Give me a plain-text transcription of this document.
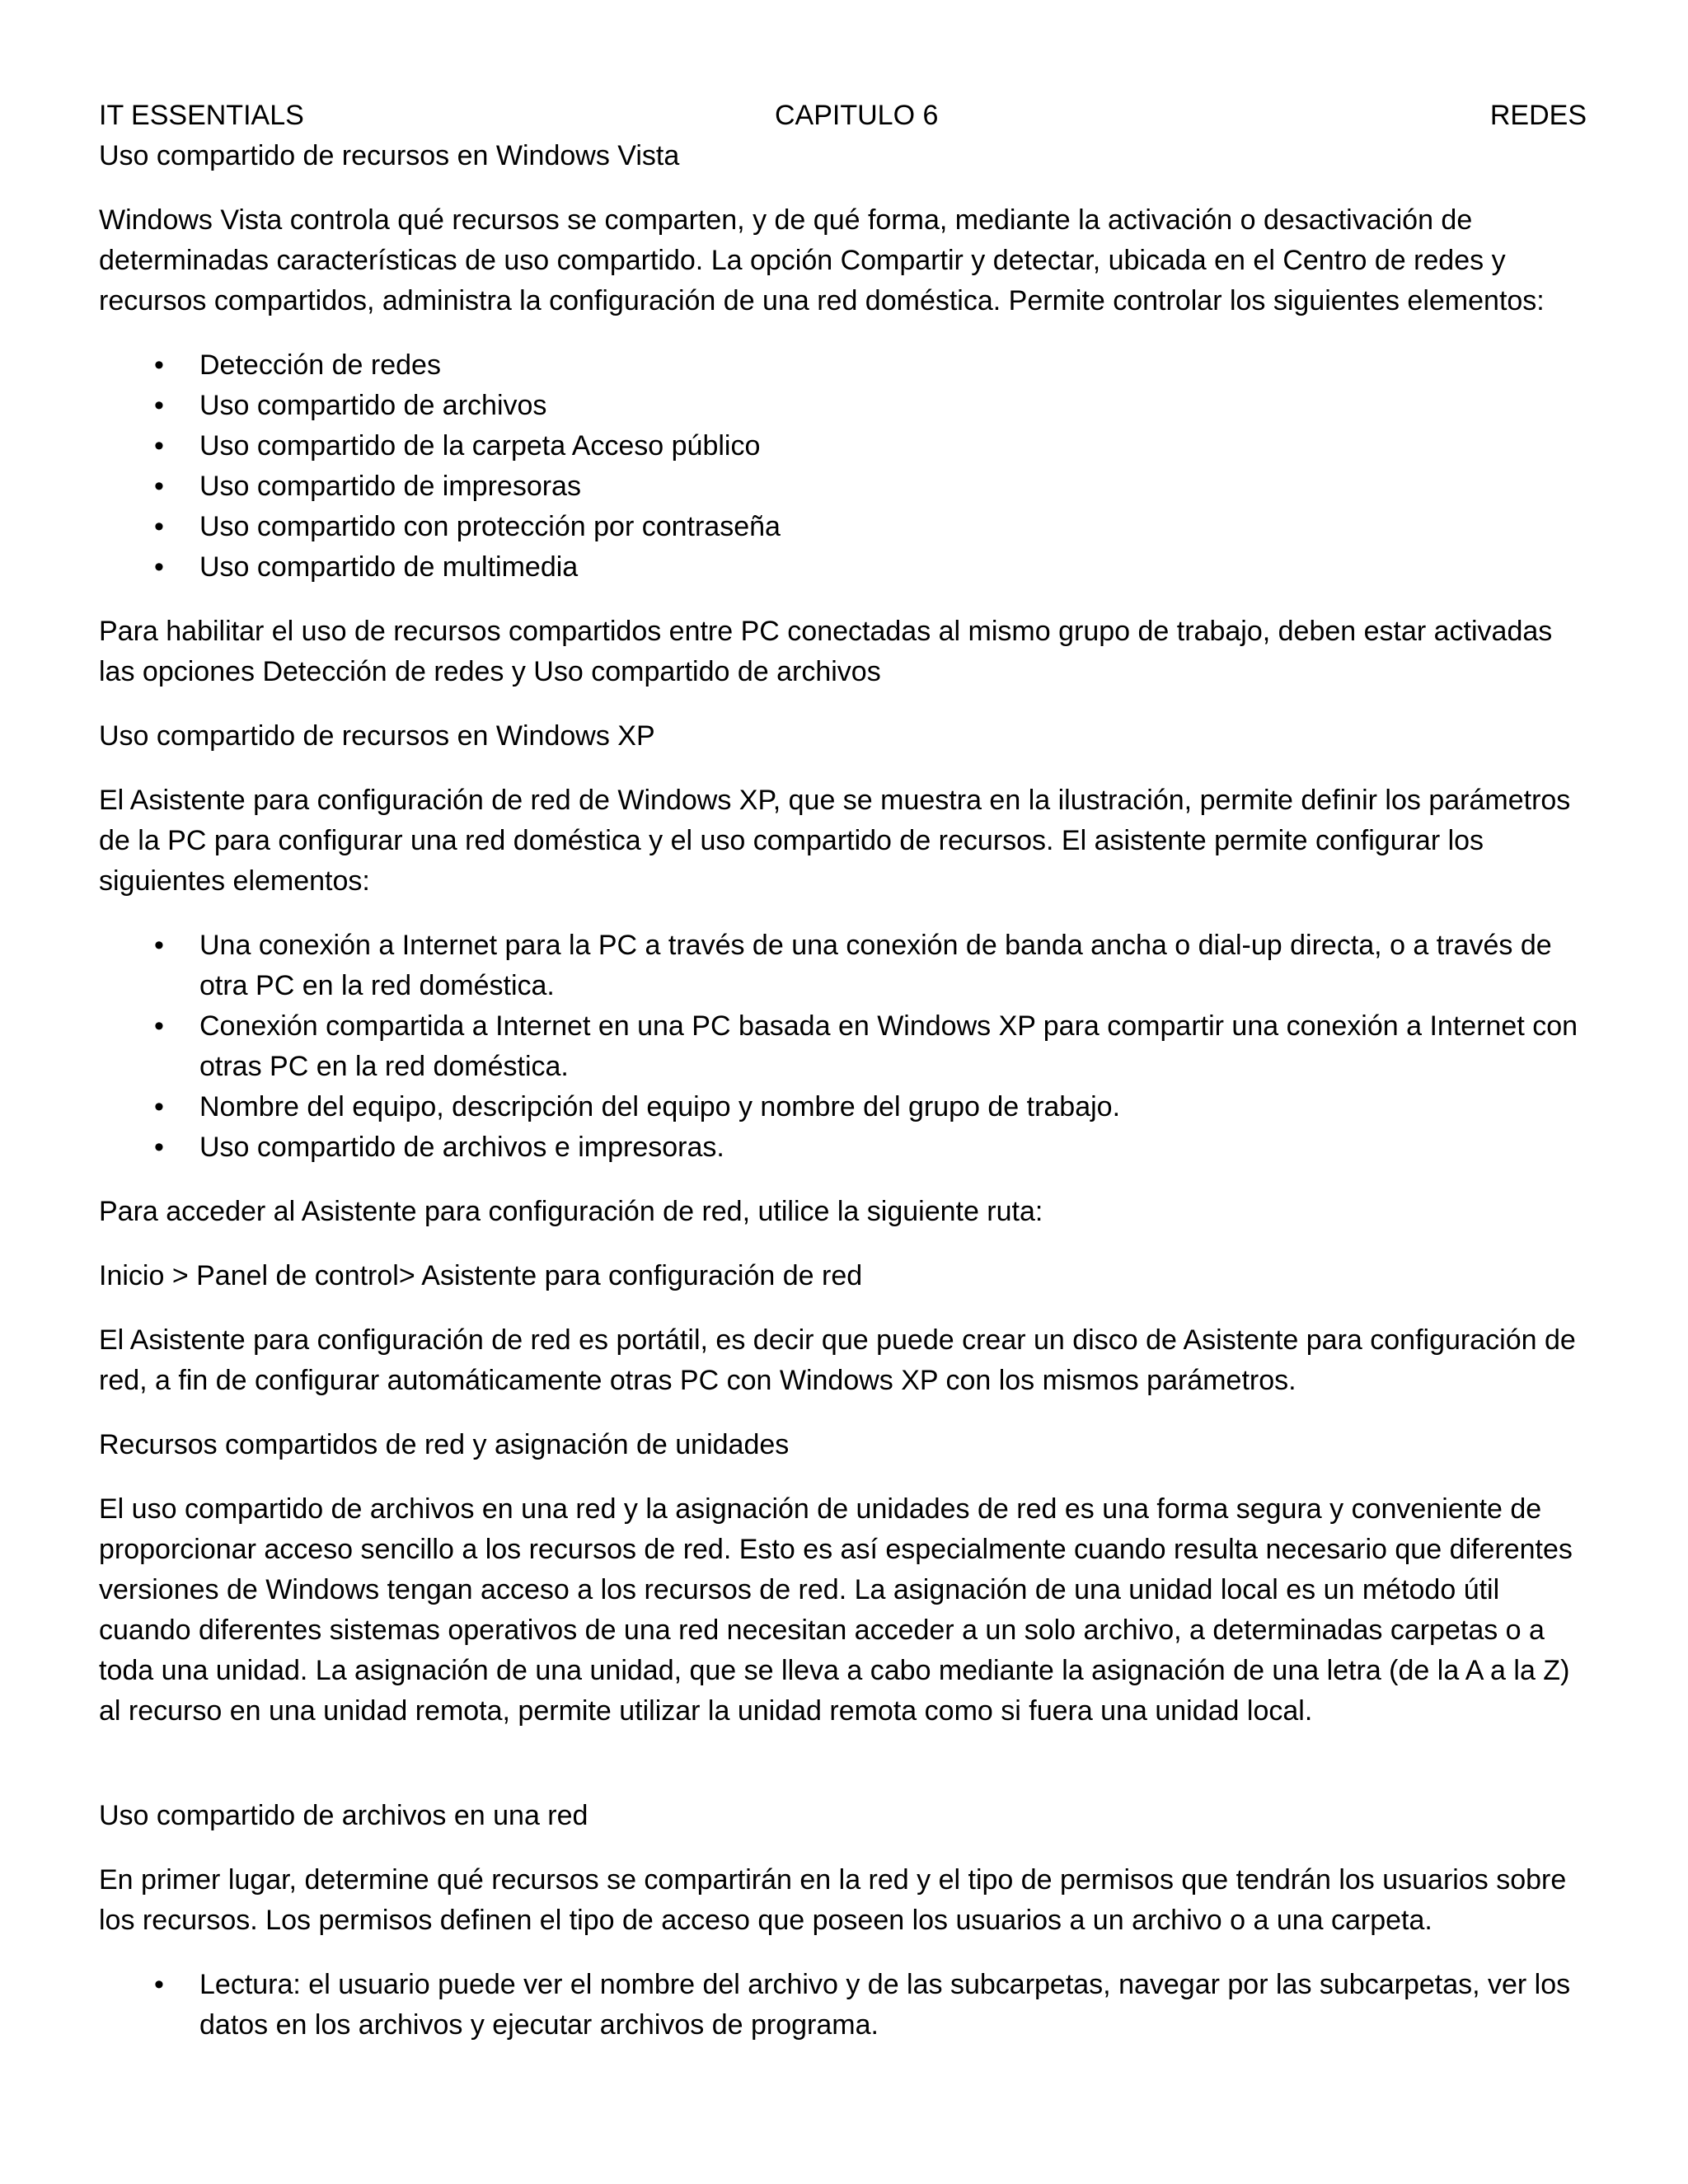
IT ESSENTIALS	CAPITULO 6	REDES
Uso compartido de recursos en Windows Vista

Windows Vista controla qué recursos se comparten, y de qué forma, mediante la activación o desactivación de determinadas características de uso compartido. La opción Compartir y detectar, ubicada en el Centro de redes y recursos compartidos, administra la configuración de una red doméstica. Permite controlar los siguientes elementos:

• Detección de redes
• Uso compartido de archivos
• Uso compartido de la carpeta Acceso público
• Uso compartido de impresoras
• Uso compartido con protección por contraseña
• Uso compartido de multimedia

Para habilitar el uso de recursos compartidos entre PC conectadas al mismo grupo de trabajo, deben estar activadas las opciones Detección de redes y Uso compartido de archivos

Uso compartido de recursos en Windows XP

El Asistente para configuración de red de Windows XP, que se muestra en la ilustración, permite definir los parámetros de la PC para configurar una red doméstica y el uso compartido de recursos. El asistente permite configurar los siguientes elementos:

• Una conexión a Internet para la PC a través de una conexión de banda ancha o dial-up directa, o a través de otra PC en la red doméstica.
• Conexión compartida a Internet en una PC basada en Windows XP para compartir una conexión a Internet con otras PC en la red doméstica.
• Nombre del equipo, descripción del equipo y nombre del grupo de trabajo.
• Uso compartido de archivos e impresoras.

Para acceder al Asistente para configuración de red, utilice la siguiente ruta:

Inicio > Panel de control> Asistente para configuración de red

El Asistente para configuración de red es portátil, es decir que puede crear un disco de Asistente para configuración de red, a fin de configurar automáticamente otras PC con Windows XP con los mismos parámetros.

Recursos compartidos de red y asignación de unidades

El uso compartido de archivos en una red y la asignación de unidades de red es una forma segura y conveniente de proporcionar acceso sencillo a los recursos de red. Esto es así especialmente cuando resulta necesario que diferentes versiones de Windows tengan acceso a los recursos de red. La asignación de una unidad local es un método útil cuando diferentes sistemas operativos de una red necesitan acceder a un solo archivo, a determinadas carpetas o a toda una unidad. La asignación de una unidad, que se lleva a cabo mediante la asignación de una letra (de la A a la Z) al recurso en una unidad remota, permite utilizar la unidad remota como si fuera una unidad local.

Uso compartido de archivos en una red

En primer lugar, determine qué recursos se compartirán en la red y el tipo de permisos que tendrán los usuarios sobre los recursos. Los permisos definen el tipo de acceso que poseen los usuarios a un archivo o a una carpeta.

• Lectura: el usuario puede ver el nombre del archivo y de las subcarpetas, navegar por las subcarpetas, ver los datos en los archivos y ejecutar archivos de programa.
